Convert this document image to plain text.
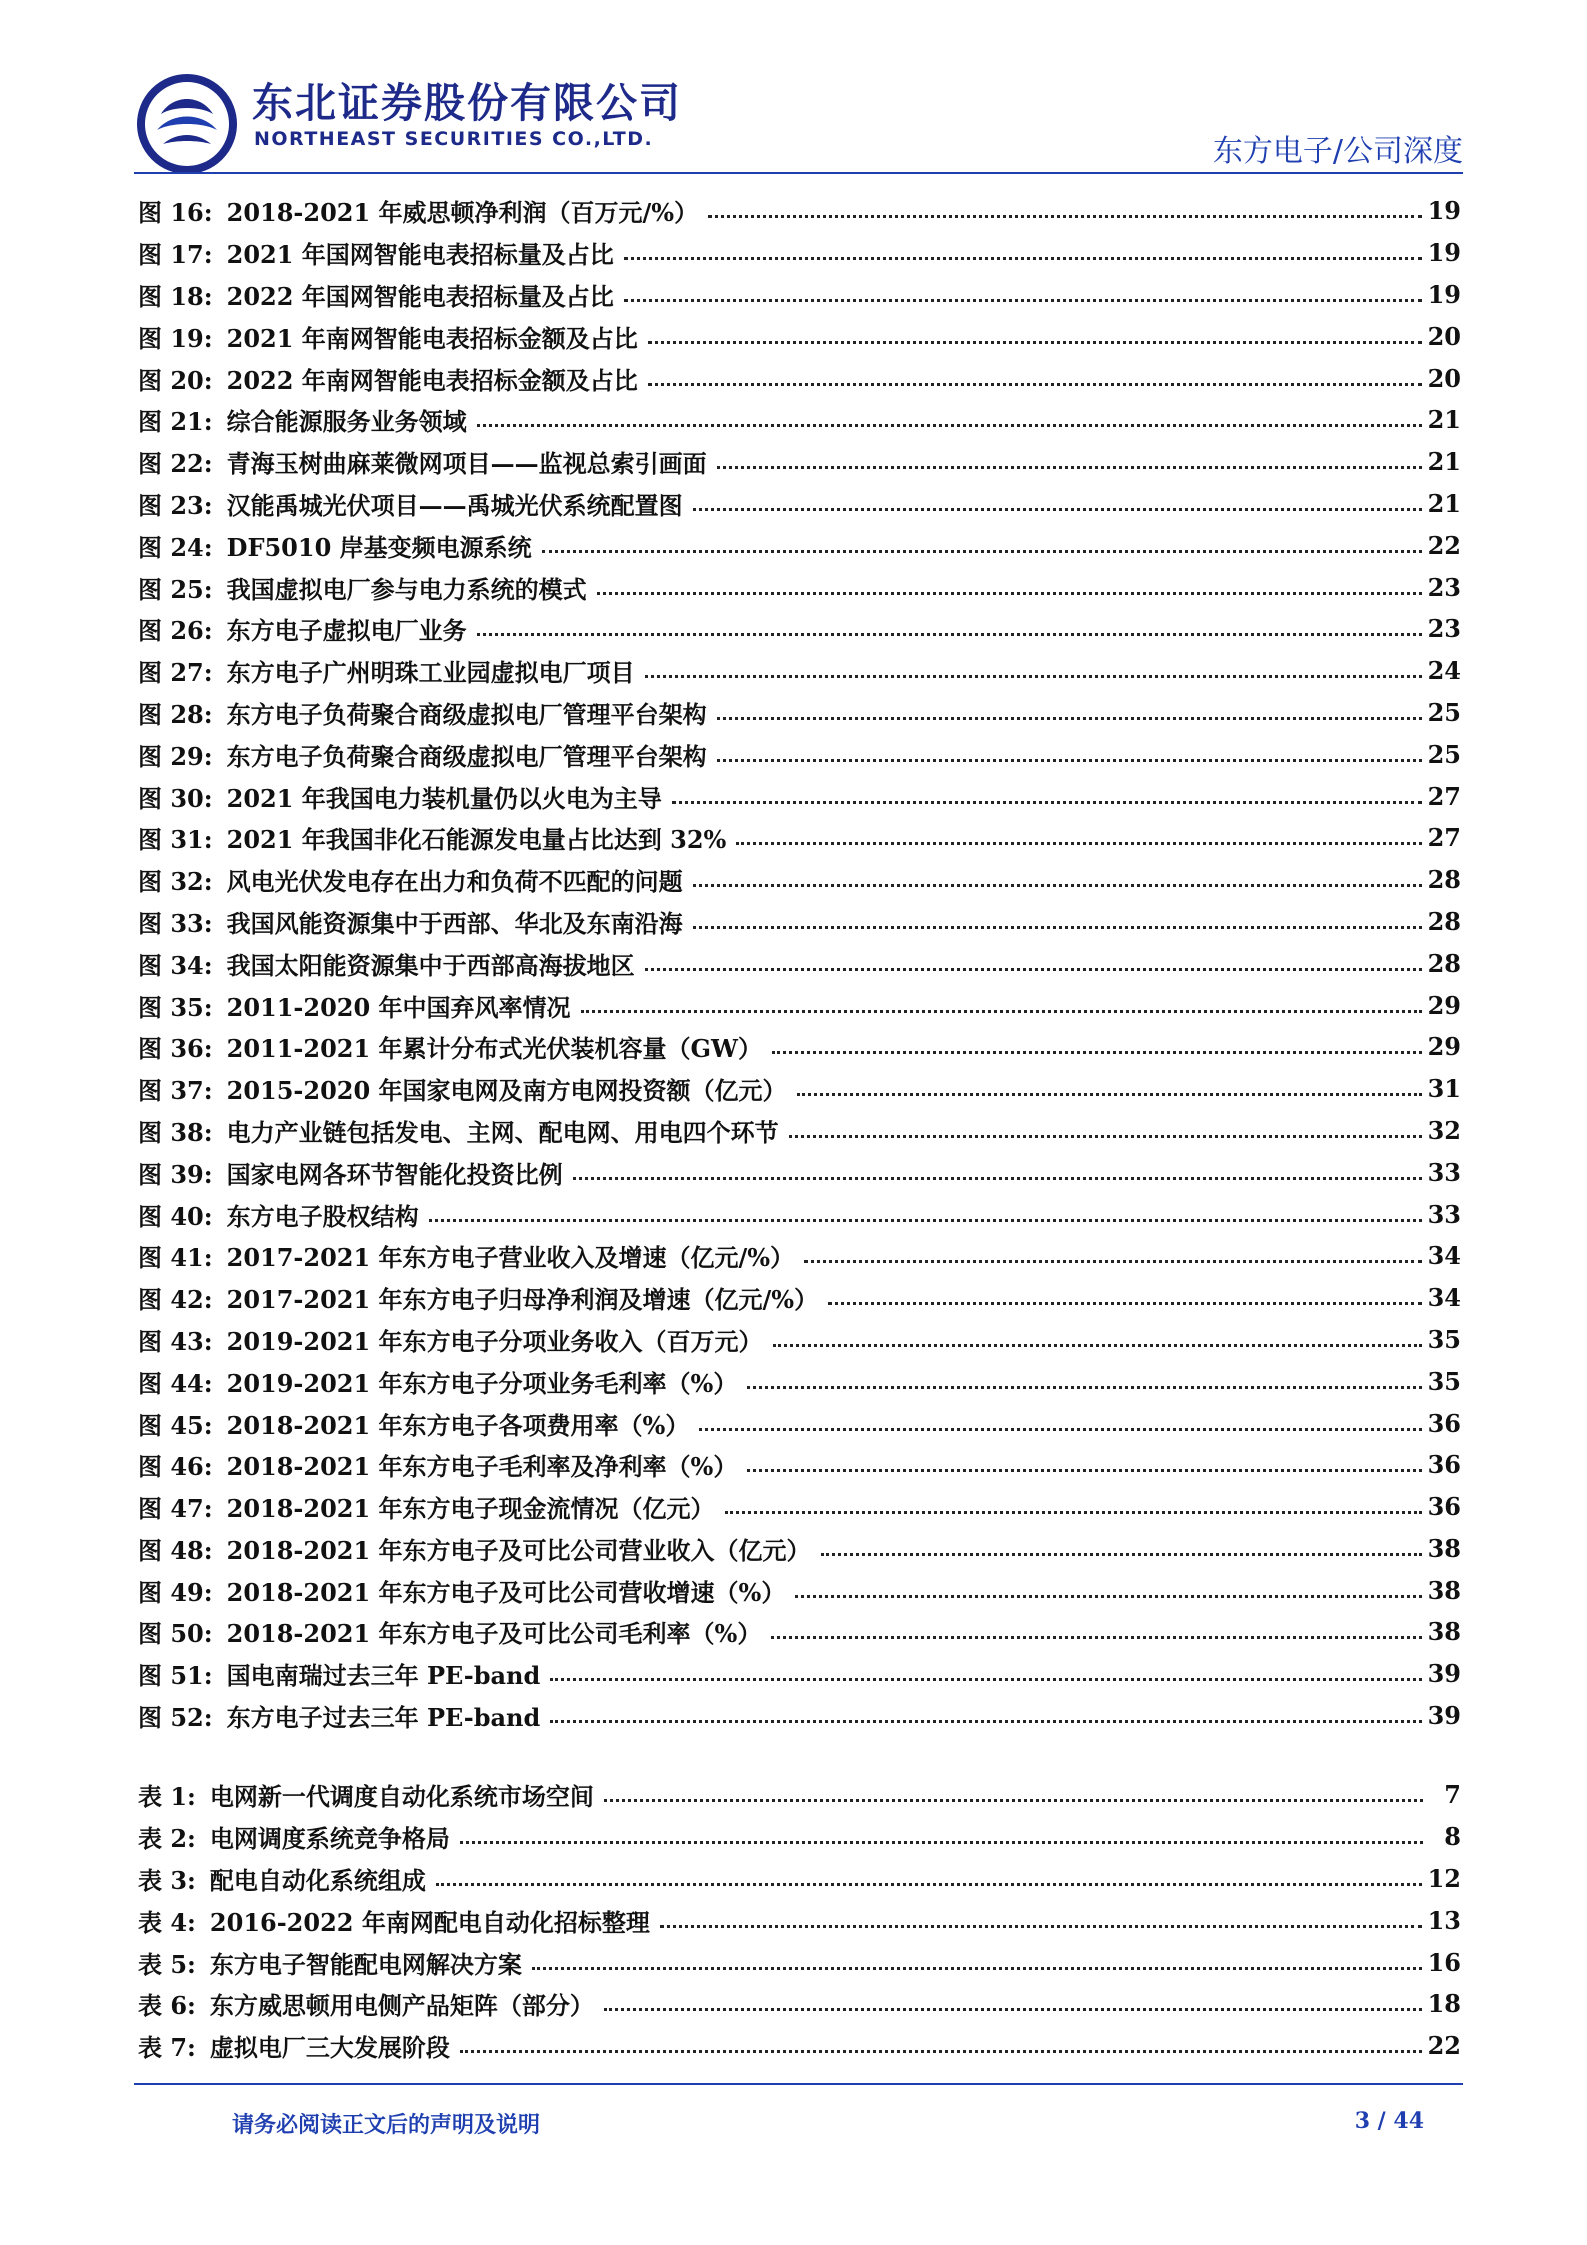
东北证券股份有限公司
NORTHEAST SECURITIES CO.,LTD.	东方电子/公司深度
图 16: 2018-2021 年威思顿净利润（百万元/%）	19
图 17: 2021 年国网智能电表招标量及占比	19
图 18: 2022 年国网智能电表招标量及占比	19
图 19: 2021 年南网智能电表招标金额及占比	20
图 20: 2022 年南网智能电表招标金额及占比	20
图 21: 综合能源服务业务领域	21
图 22: 青海玉树曲麻莱微网项目——监视总索引画面	21
图 23: 汉能禹城光伏项目——禹城光伏系统配置图	21
图 24: DF5010 岸基变频电源系统	22
图 25: 我国虚拟电厂参与电力系统的模式	23
图 26: 东方电子虚拟电厂业务	23
图 27: 东方电子广州明珠工业园虚拟电厂项目	24
图 28: 东方电子负荷聚合商级虚拟电厂管理平台架构	25
图 29: 东方电子负荷聚合商级虚拟电厂管理平台架构	25
图 30: 2021 年我国电力装机量仍以火电为主导	27
图 31: 2021 年我国非化石能源发电量占比达到 32%	27
图 32: 风电光伏发电存在出力和负荷不匹配的问题	28
图 33: 我国风能资源集中于西部、华北及东南沿海	28
图 34: 我国太阳能资源集中于西部高海拔地区	28
图 35: 2011-2020 年中国弃风率情况	29
图 36: 2011-2021 年累计分布式光伏装机容量（GW）	29
图 37: 2015-2020 年国家电网及南方电网投资额（亿元）	31
图 38: 电力产业链包括发电、主网、配电网、用电四个环节	32
图 39: 国家电网各环节智能化投资比例	33
图 40: 东方电子股权结构	33
图 41: 2017-2021 年东方电子营业收入及增速（亿元/%）	34
图 42: 2017-2021 年东方电子归母净利润及增速（亿元/%）	34
图 43: 2019-2021 年东方电子分项业务收入（百万元）	35
图 44: 2019-2021 年东方电子分项业务毛利率（%）	35
图 45: 2018-2021 年东方电子各项费用率（%）	36
图 46: 2018-2021 年东方电子毛利率及净利率（%）	36
图 47: 2018-2021 年东方电子现金流情况（亿元）	36
图 48: 2018-2021 年东方电子及可比公司营业收入（亿元）	38
图 49: 2018-2021 年东方电子及可比公司营收增速（%）	38
图 50: 2018-2021 年东方电子及可比公司毛利率（%）	38
图 51: 国电南瑞过去三年 PE-band	39
图 52: 东方电子过去三年 PE-band	39
表 1: 电网新一代调度自动化系统市场空间	7
表 2: 电网调度系统竞争格局	8
表 3: 配电自动化系统组成	12
表 4: 2016-2022 年南网配电自动化招标整理	13
表 5: 东方电子智能配电网解决方案	16
表 6: 东方威思顿用电侧产品矩阵（部分）	18
表 7: 虚拟电厂三大发展阶段	22
请务必阅读正文后的声明及说明	3 / 44
